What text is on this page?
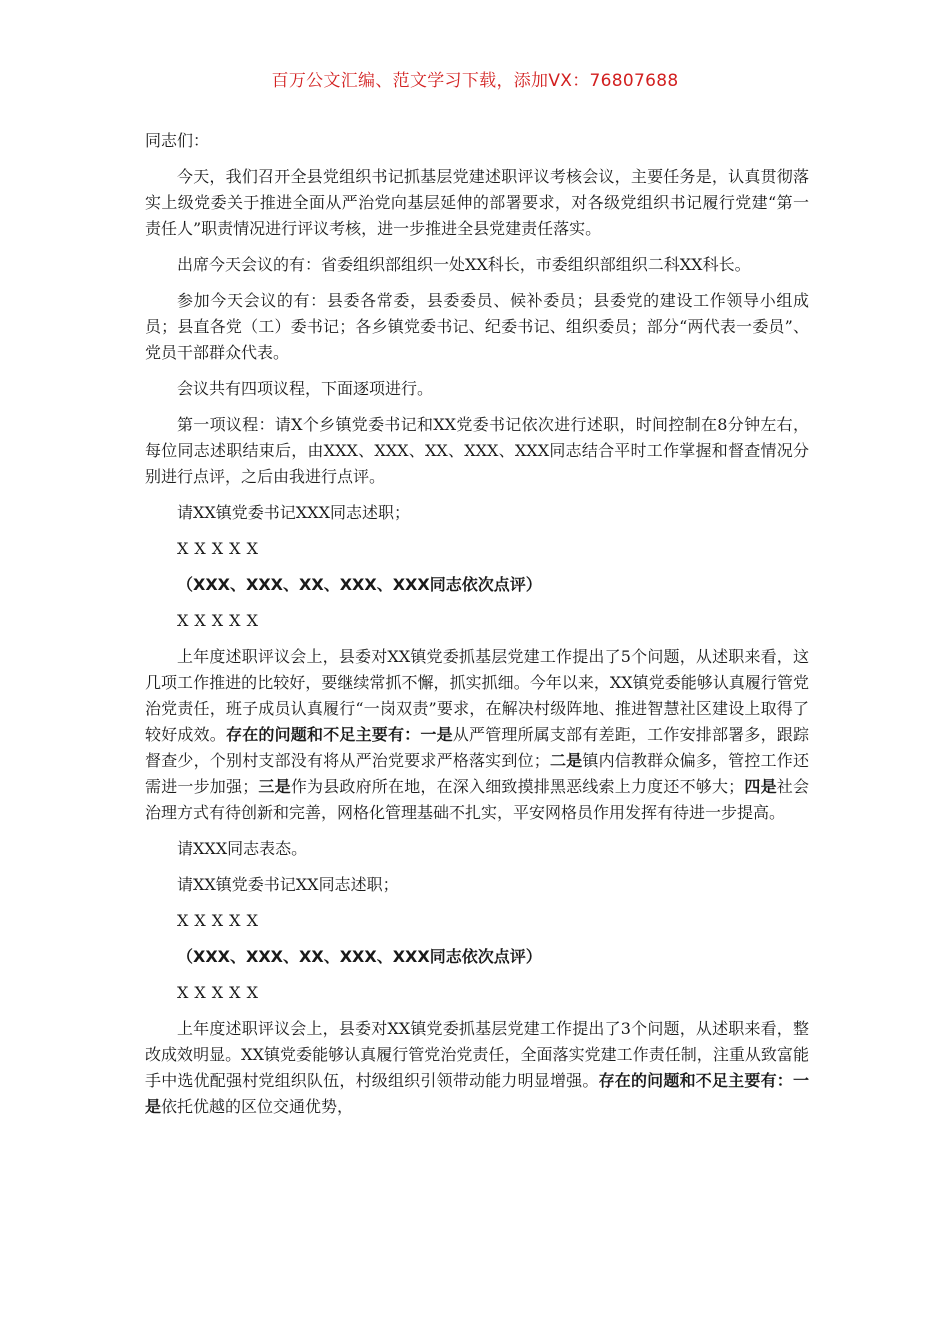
百万公文汇编、范文学习下载，添加VX：76807688

同志们：

今天，我们召开全县党组织书记抓基层党建述职评议考核会议，主要任务是，认真贯彻落实上级党委关于推进全面从严治党向基层延伸的部署要求，对各级党组织书记履行党建“第一责任人”职责情况进行评议考核，进一步推进全县党建责任落实。

出席今天会议的有：省委组织部组织一处XX科长，市委组织部组织二科XX科长。

参加今天会议的有：县委各常委，县委委员、候补委员；县委党的建设工作领导小组成员；县直各党（工）委书记；各乡镇党委书记、纪委书记、组织委员；部分“两代表一委员”、党员干部群众代表。

会议共有四项议程，下面逐项进行。

第一项议程：请X个乡镇党委书记和XX党委书记依次进行述职，时间控制在8分钟左右，每位同志述职结束后，由XXX、XXX、XX、XXX、XXX同志结合平时工作掌握和督查情况分别进行点评，之后由我进行点评。

请XX镇党委书记XXX同志述职；

XXXXX

（XXX、XXX、XX、XXX、XXX同志依次点评）

XXXXX

上年度述职评议会上，县委对XX镇党委抓基层党建工作提出了5个问题，从述职来看，这几项工作推进的比较好，要继续常抓不懈，抓实抓细。今年以来，XX镇党委能够认真履行管党治党责任，班子成员认真履行“一岗双责”要求，在解决村级阵地、推进智慧社区建设上取得了较好成效。存在的问题和不足主要有：一是从严管理所属支部有差距，工作安排部署多，跟踪督查少，个别村支部没有将从严治党要求严格落实到位；二是镇内信教群众偏多，管控工作还需进一步加强；三是作为县政府所在地，在深入细致摸排黑恶线索上力度还不够大；四是社会治理方式有待创新和完善，网格化管理基础不扎实，平安网格员作用发挥有待进一步提高。

请XXX同志表态。

请XX镇党委书记XX同志述职；

XXXXX

（XXX、XXX、XX、XXX、XXX同志依次点评）

XXXXX

上年度述职评议会上，县委对XX镇党委抓基层党建工作提出了3个问题，从述职来看，整改成效明显。XX镇党委能够认真履行管党治党责任，全面落实党建工作责任制，注重从致富能手中选优配强村党组织队伍，村级组织引领带动能力明显增强。存在的问题和不足主要有：一是依托优越的区位交通优势，
